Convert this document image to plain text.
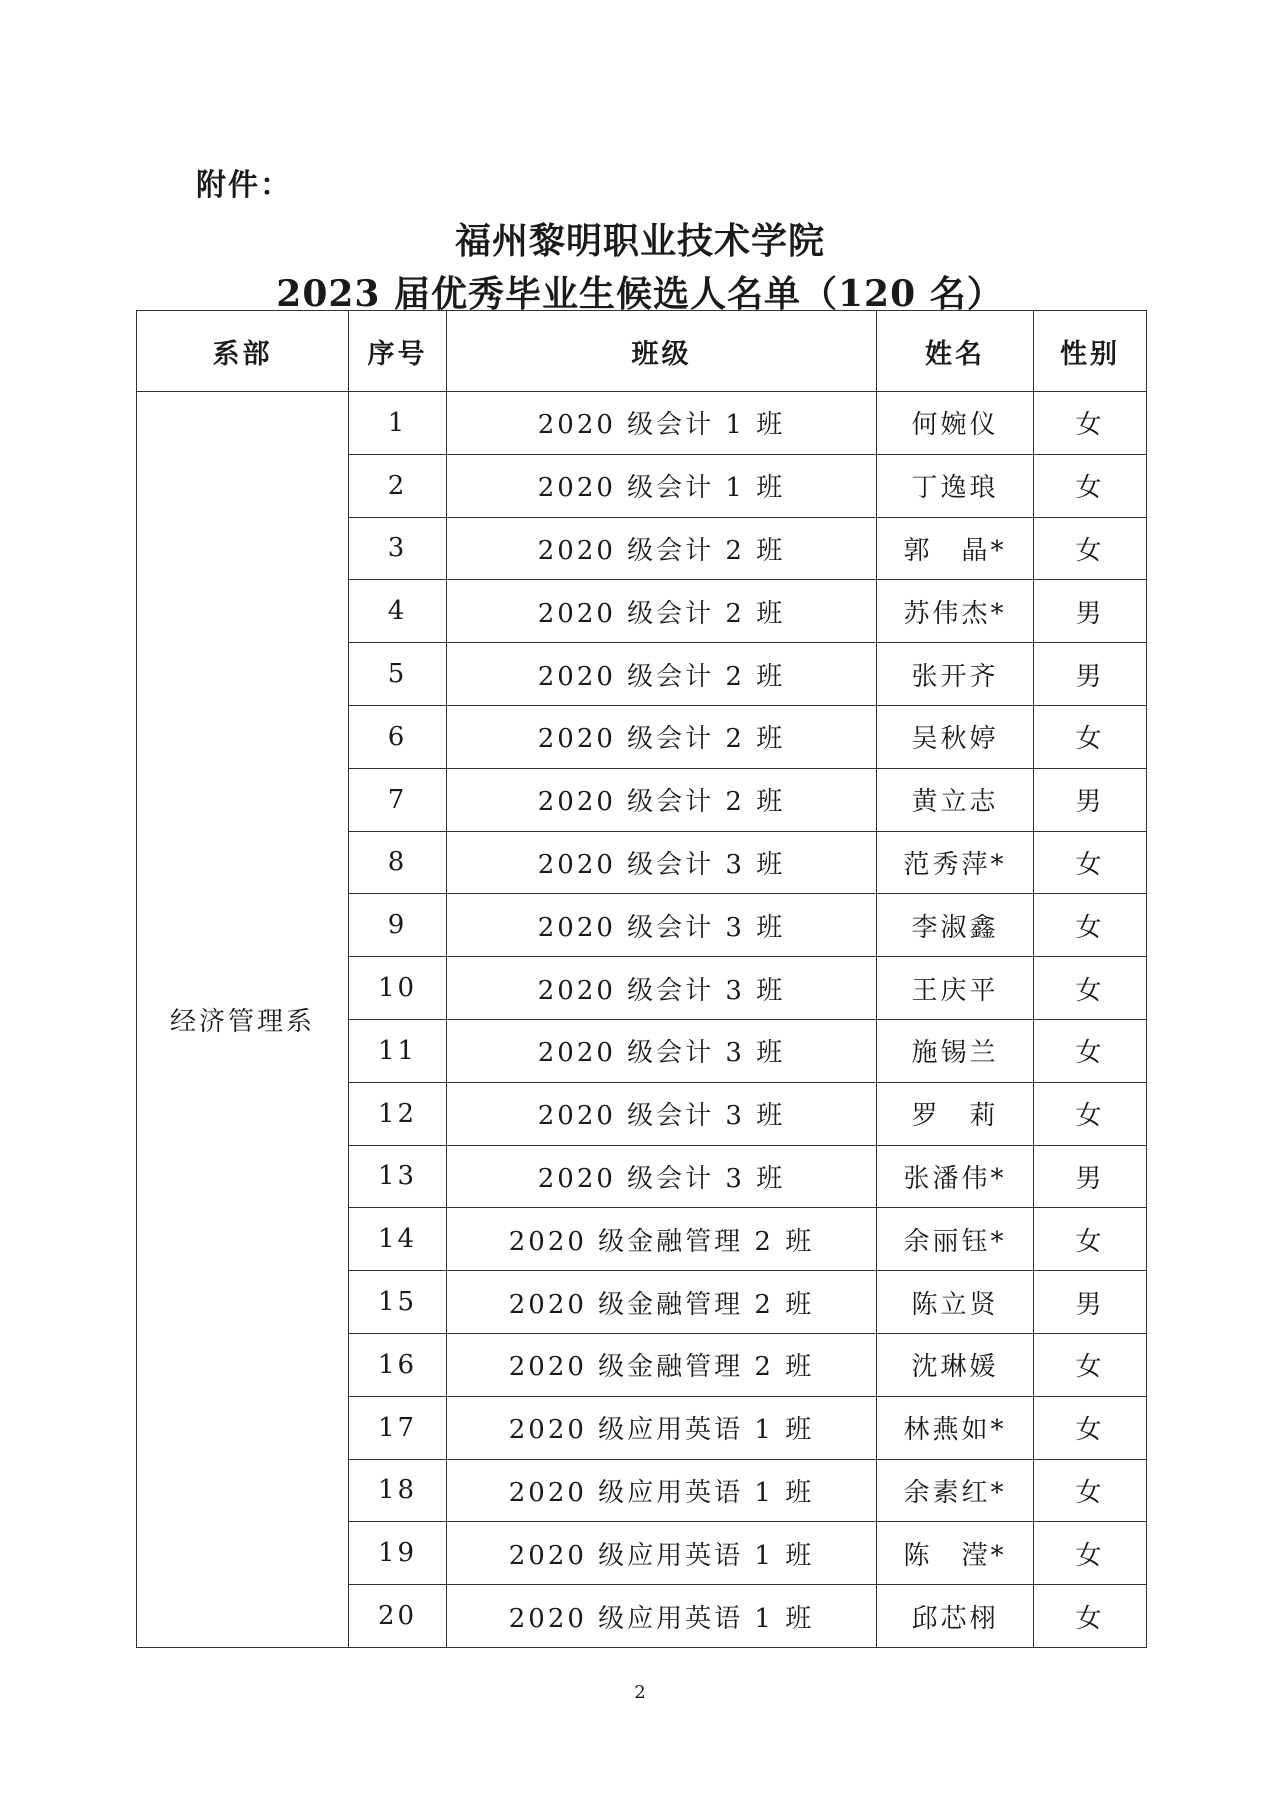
附件：
福州黎明职业技术学院
2023 届优秀毕业生候选人名单（120 名）
系部	序号	班级	姓名	性别
经济管理系	1	2020 级会计 1 班	何婉仪	女
	2	2020 级会计 1 班	丁逸琅	女
	3	2020 级会计 2 班	郭　晶*	女
	4	2020 级会计 2 班	苏伟杰*	男
	5	2020 级会计 2 班	张开齐	男
	6	2020 级会计 2 班	吴秋婷	女
	7	2020 级会计 2 班	黄立志	男
	8	2020 级会计 3 班	范秀萍*	女
	9	2020 级会计 3 班	李淑鑫	女
	10	2020 级会计 3 班	王庆平	女
	11	2020 级会计 3 班	施锡兰	女
	12	2020 级会计 3 班	罗　莉	女
	13	2020 级会计 3 班	张潘伟*	男
	14	2020 级金融管理 2 班	余丽钰*	女
	15	2020 级金融管理 2 班	陈立贤	男
	16	2020 级金融管理 2 班	沈琳媛	女
	17	2020 级应用英语 1 班	林燕如*	女
	18	2020 级应用英语 1 班	余素红*	女
	19	2020 级应用英语 1 班	陈　滢*	女
	20	2020 级应用英语 1 班	邱芯栩	女
2
